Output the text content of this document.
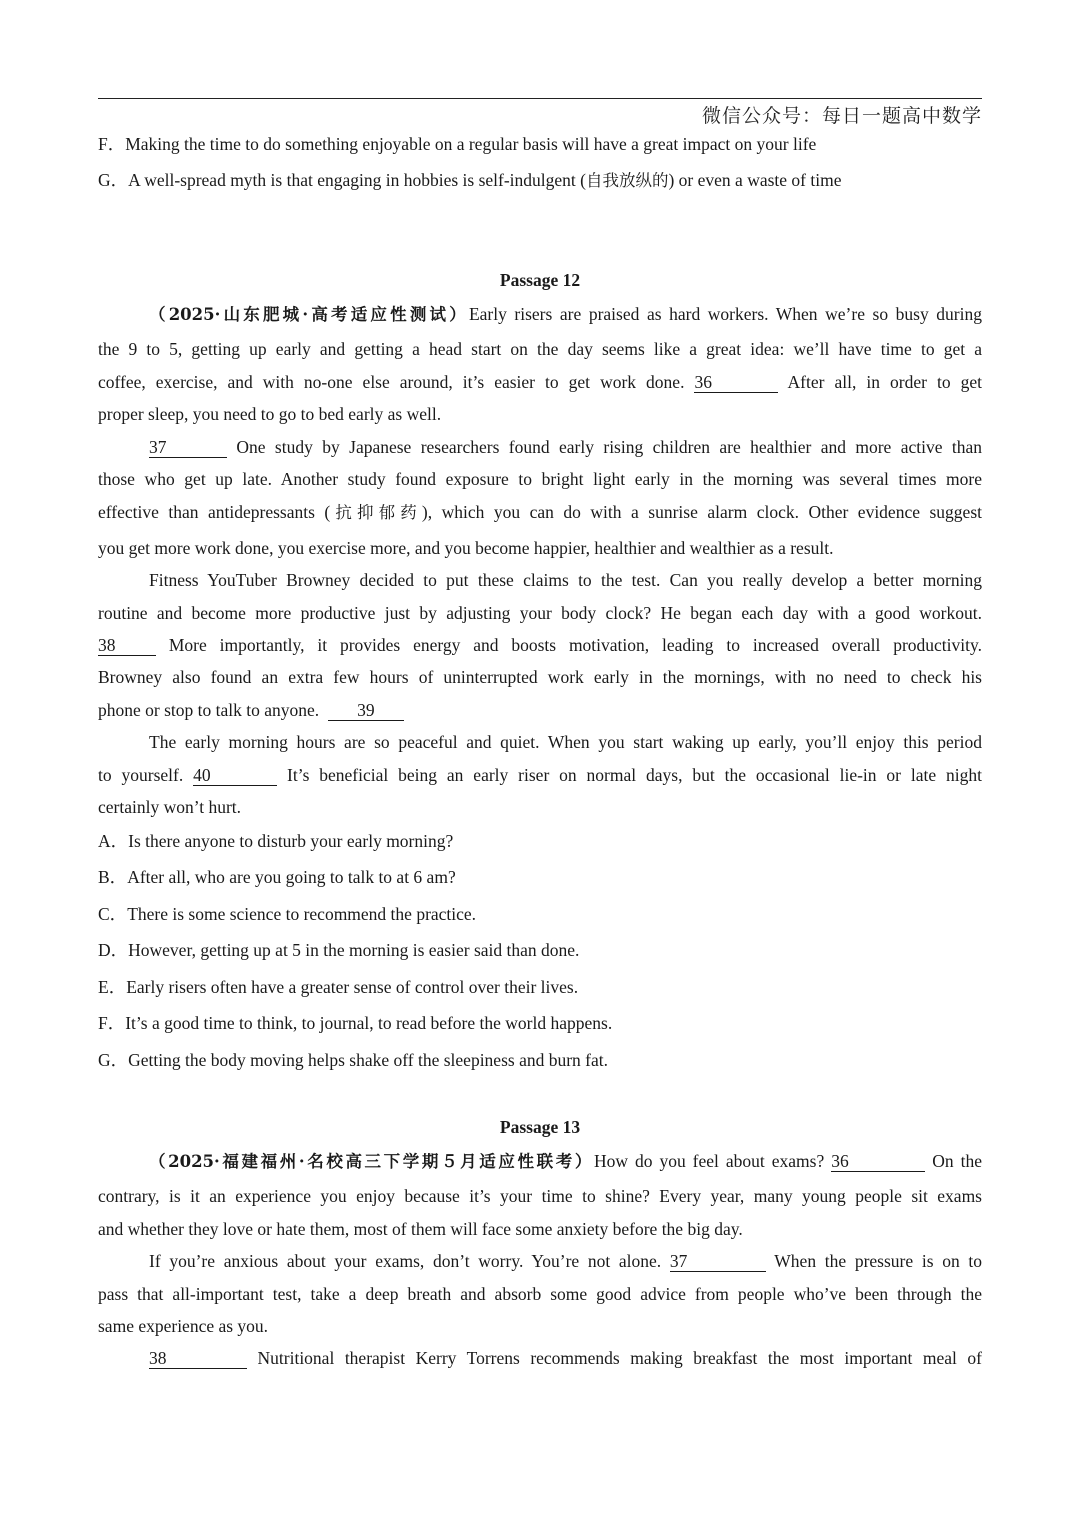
微信公众号：每日一题高中数学
F．Making the time to do something enjoyable on a regular basis will have a great impact on your life
G．A well-spread myth is that engaging in hobbies is self-indulgent (自我放纵的) or even a waste of time
Passage 12
（2025·山东肥城·高考适应性测试）Early risers are praised as hard workers. When we’re so busy during
the 9 to 5, getting up early and getting a head start on the day seems like a great idea: we’ll have time to get a
coffee, exercise, and with no-one else around, it’s easier to get work done. 36	After all, in order to get
proper sleep, you need to go to bed early as well.
37	One study by Japanese researchers found early rising children are healthier and more active than
those who get up late. Another study found exposure to bright light early in the morning was several times more
effective than antidepressants (抗抑郁药), which you can do with a sunrise alarm clock. Other evidence suggest
you get more work done, you exercise more, and you become happier, healthier and wealthier as a result.
Fitness YouTuber Browney decided to put these claims to the test. Can you really develop a better morning
routine and become more productive just by adjusting your body clock? He began each day with a good workout.
38	More importantly, it provides energy and boosts motivation, leading to increased overall productivity.
Browney also found an extra few hours of uninterrupted work early in the mornings, with no need to check his
phone or stop to talk to anyone. 39
The early morning hours are so peaceful and quiet. When you start waking up early, you’ll enjoy this period
to yourself. 40	It’s beneficial being an early riser on normal days, but the occasional lie-in or late night
certainly won’t hurt.
A．Is there anyone to disturb your early morning?
B．After all, who are you going to talk to at 6 am?
C．There is some science to recommend the practice.
D．However, getting up at 5 in the morning is easier said than done.
E．Early risers often have a greater sense of control over their lives.
F．It’s a good time to think, to journal, to read before the world happens.
G．Getting the body moving helps shake off the sleepiness and burn fat.
Passage 13
（2025·福建福州·名校高三下学期５月适应性联考）How do you feel about exams? 36	On the
contrary, is it an experience you enjoy because it’s your time to shine? Every year, many young people sit exams
and whether they love or hate them, most of them will face some anxiety before the big day.
If you’re anxious about your exams, don’t worry. You’re not alone. 37	When the pressure is on to
pass that all-important test, take a deep breath and absorb some good advice from people who’ve been through the
same experience as you.
38	Nutritional therapist Kerry Torrens recommends making breakfast the most important meal of
